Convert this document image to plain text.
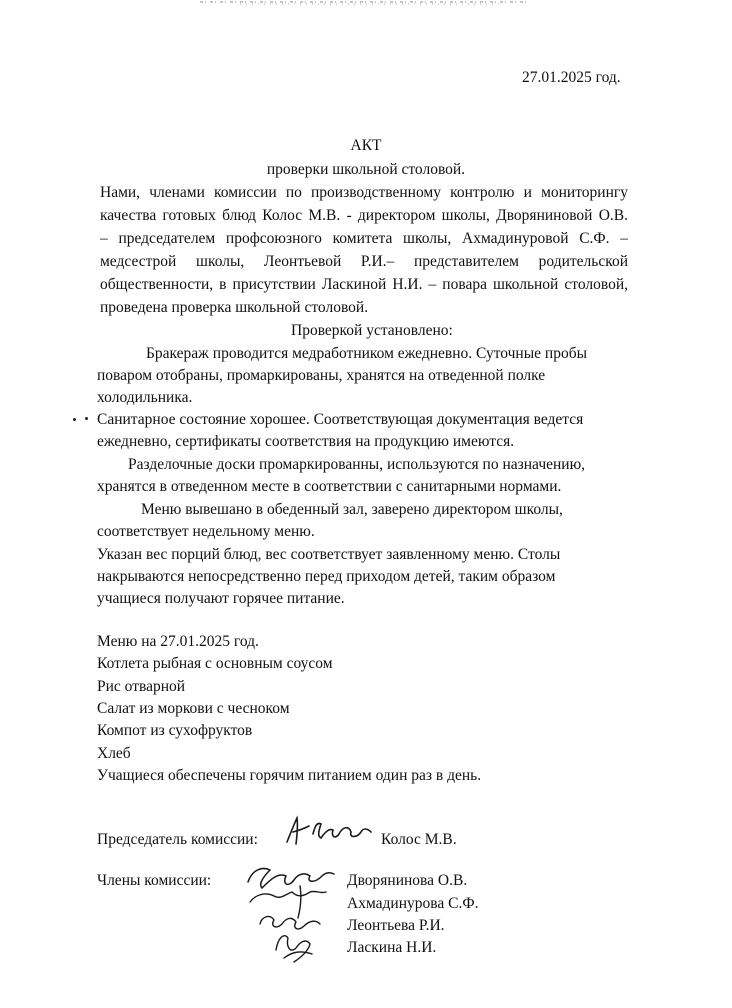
27.01.2025 год.
АКТ
проверки школьной столовой.
Нами, членами комиссии по производственному контролю и мониторингу
качества готовых блюд Колос М.В. - директором школы, Дворяниновой О.В.
– председателем профсоюзного комитета школы, Ахмадинуровой С.Ф. –
медсестрой школы, Леонтьевой Р.И.– представителем родительской
общественности, в присутствии Ласкиной Н.И. – повара школьной столовой,
проведена проверка школьной столовой.
Проверкой установлено:
Бракераж проводится медработником ежедневно. Суточные пробы
поваром отобраны, промаркированы, хранятся на отведенной полке
холодильника.
Санитарное состояние хорошее. Соответствующая документация ведется
ежедневно, сертификаты соответствия на продукцию имеются.
Разделочные доски промаркированны, используются по назначению,
хранятся в отведенном месте в соответствии с санитарными нормами.
Меню вывешано в обеденный зал, заверено директором школы,
соответствует недельному меню.
Указан вес порций блюд, вес соответствует заявленному меню. Столы
накрываются непосредственно перед приходом детей, таким образом
учащиеся получают горячее питание.
Меню на 27.01.2025 год.
Котлета рыбная с основным соусом
Рис отварной
Салат из моркови с чесноком
Компот из сухофруктов
Хлеб
Учащиеся обеспечены горячим питанием один раз в день.
Председатель комиссии:	Колос М.В.
Члены комиссии:	Дворянинова О.В.
Ахмадинурова С.Ф.
Леонтьева Р.И.
Ласкина Н.И.
